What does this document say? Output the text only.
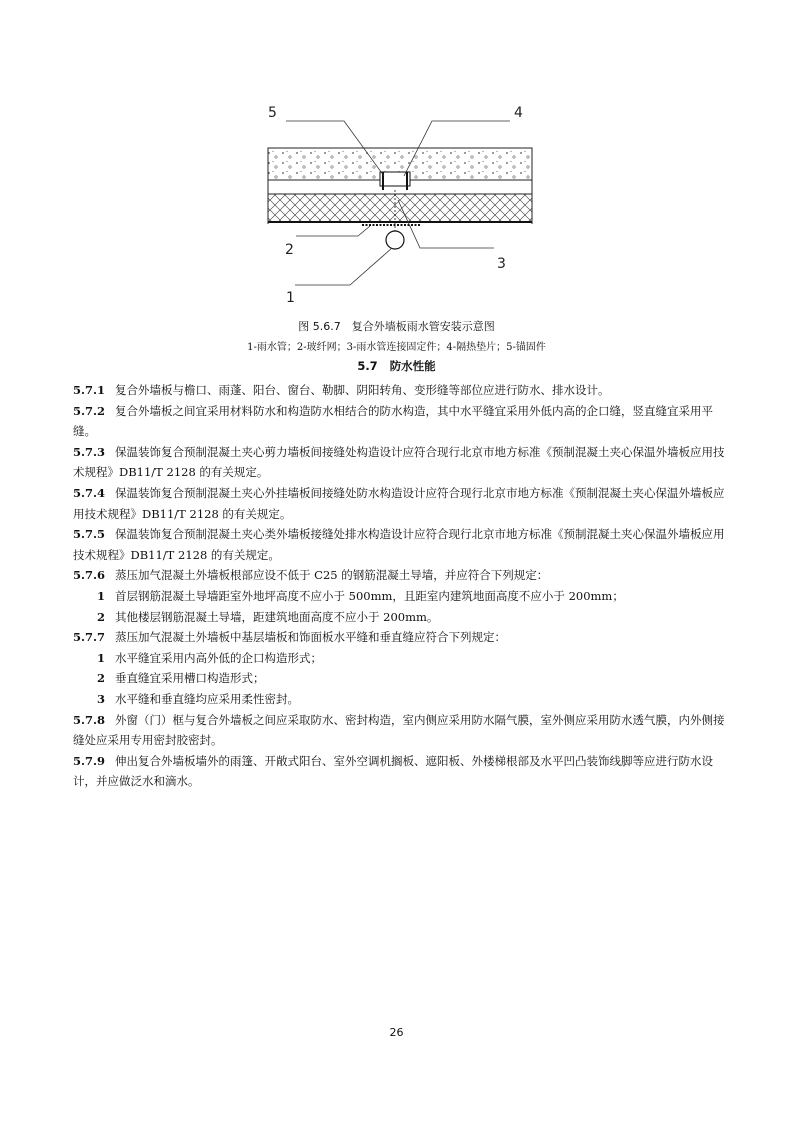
5	4
2
3
1
图 5.6.7　复合外墙板雨水管安装示意图
1-雨水管；2-玻纤网；3-雨水管连接固定件；4-隔热垫片；5-锚固件
5.7 防水性能

5.7.1 复合外墙板与檐口、雨蓬、阳台、窗台、勒脚、阴阳转角、变形缝等部位应进行防水、排水设计。

5.7.2 复合外墙板之间宜采用材料防水和构造防水相结合的防水构造，其中水平缝宜采用外低内高的企口缝，竖直缝宜采用平缝。

5.7.3 保温装饰复合预制混凝土夹心剪力墙板间接缝处构造设计应符合现行北京市地方标准《预制混凝土夹心保温外墙板应用技术规程》DB11/T 2128 的有关规定。

5.7.4 保温装饰复合预制混凝土夹心外挂墙板间接缝处防水构造设计应符合现行北京市地方标准《预制混凝土夹心保温外墙板应用技术规程》DB11/T 2128 的有关规定。

5.7.5 保温装饰复合预制混凝土夹心类外墙板接缝处排水构造设计应符合现行北京市地方标准《预制混凝土夹心保温外墙板应用技术规程》DB11/T 2128 的有关规定。

5.7.6 蒸压加气混凝土外墙板根部应设不低于 C25 的钢筋混凝土导墙，并应符合下列规定：

1 首层钢筋混凝土导墙距室外地坪高度不应小于 500mm，且距室内建筑地面高度不应小于 200mm；

2 其他楼层钢筋混凝土导墙，距建筑地面高度不应小于 200mm。

5.7.7 蒸压加气混凝土外墙板中基层墙板和饰面板水平缝和垂直缝应符合下列规定：

1 水平缝宜采用内高外低的企口构造形式；

2 垂直缝宜采用槽口构造形式；

3 水平缝和垂直缝均应采用柔性密封。

5.7.8 外窗（门）框与复合外墙板之间应采取防水、密封构造，室内侧应采用防水隔气膜，室外侧应采用防水透气膜，内外侧接缝处应采用专用密封胶密封。

5.7.9 伸出复合外墙板墙外的雨篷、开敞式阳台、室外空调机搁板、遮阳板、外楼梯根部及水平凹凸装饰线脚等应进行防水设计，并应做泛水和滴水。

26
